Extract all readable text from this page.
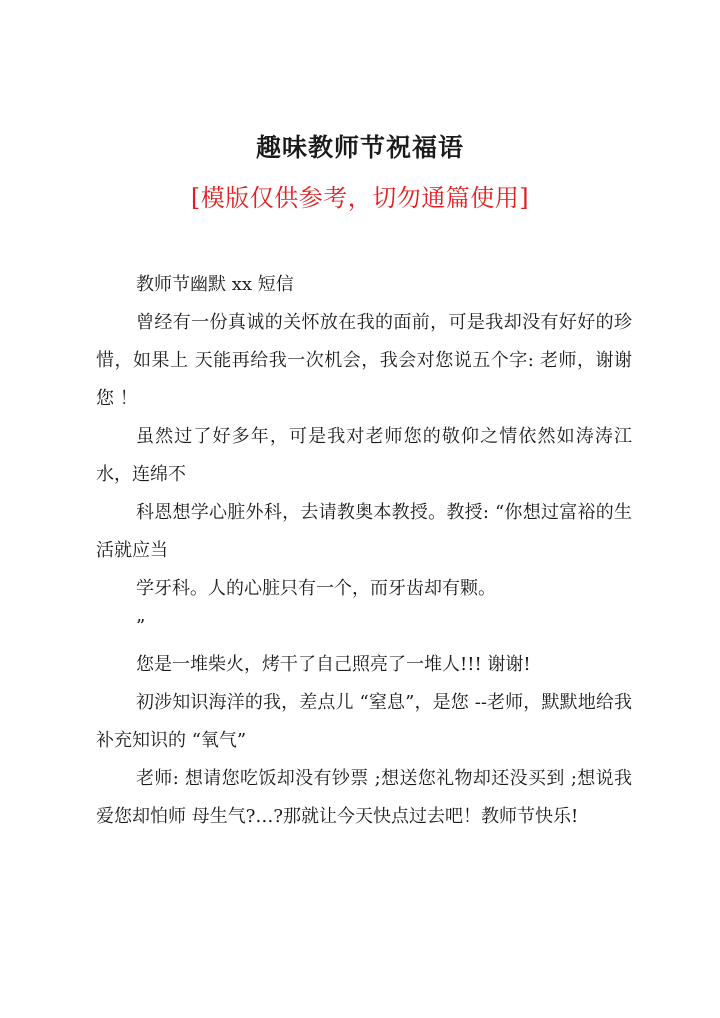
趣味教师节祝福语
[模版仅供参考，切勿通篇使用]

教师节幽默 xx 短信

曾经有一份真诚的关怀放在我的面前，可是我却没有好好的珍惜，如果上 天能再给我一次机会，我会对您说五个字: 老师，谢谢您 ！

虽然过了好多年，可是我对老师您的敬仰之情依然如涛涛江水，连绵不

科恩想学心脏外科，去请教奥本教授。教授: “你想过富裕的生活就应当

学牙科。人的心脏只有一个，而牙齿却有颗。

”

您是一堆柴火，烤干了自己照亮了一堆人!!! 谢谢!

初涉知识海洋的我，差点儿 “窒息”，是您 --老师，默默地给我补充知识的 “氧气”

老师: 想请您吃饭却没有钞票 ;想送您礼物却还没买到 ;想说我爱您却怕师 母生气?…?那就让今天快点过去吧！教师节快乐!
